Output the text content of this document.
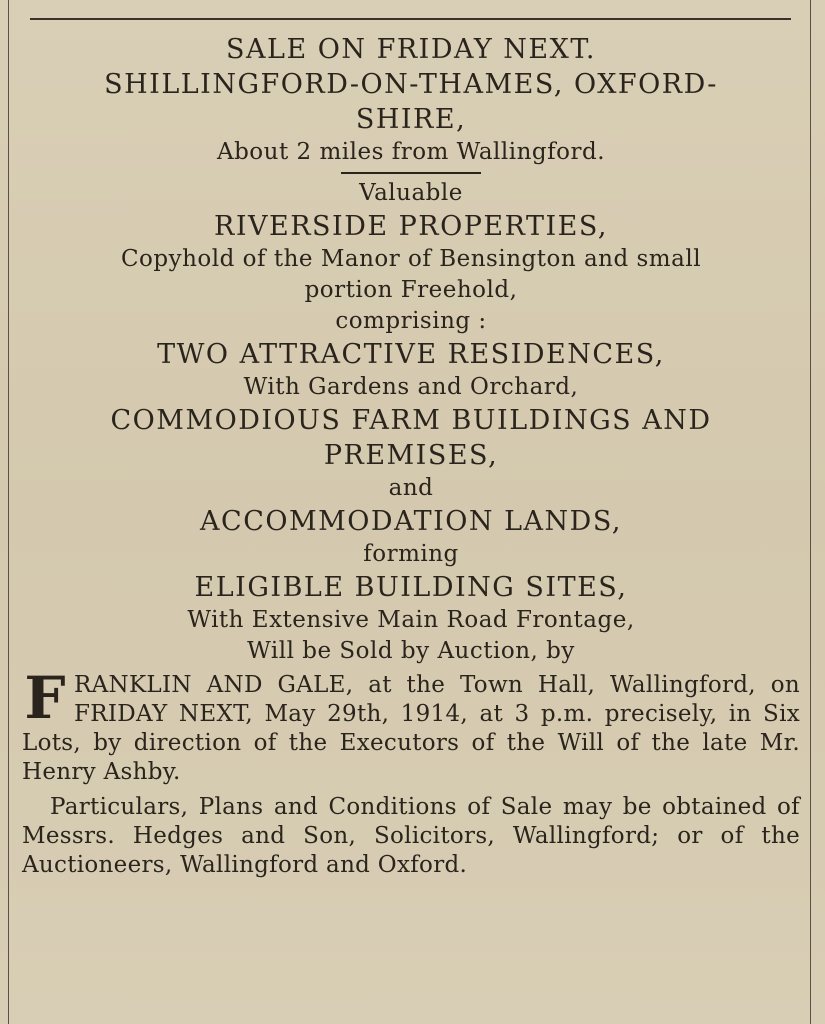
SALE ON FRIDAY NEXT.

SHILLINGFORD-ON-THAMES, OXFORD-

SHIRE,

About 2 miles from Wallingford.

Valuable

RIVERSIDE PROPERTIES,

Copyhold of the Manor of Bensington and small

portion Freehold,

comprising :

TWO ATTRACTIVE RESIDENCES,

With Gardens and Orchard,

COMMODIOUS FARM BUILDINGS AND

PREMISES,

and

ACCOMMODATION LANDS,

forming

ELIGIBLE BUILDING SITES,

With Extensive Main Road Frontage,

Will be Sold by Auction, by

F RANKLIN AND GALE, at the Town Hall, Wallingford, on FRIDAY NEXT, May 29th, 1914, at 3 p.m. precisely, in Six Lots, by direction of the Executors of the Will of the late Mr. Henry Ashby.

Particulars, Plans and Conditions of Sale may be obtained of Messrs. Hedges and Son, Solicitors, Wallingford; or of the Auctioneers, Wallingford and Oxford.
